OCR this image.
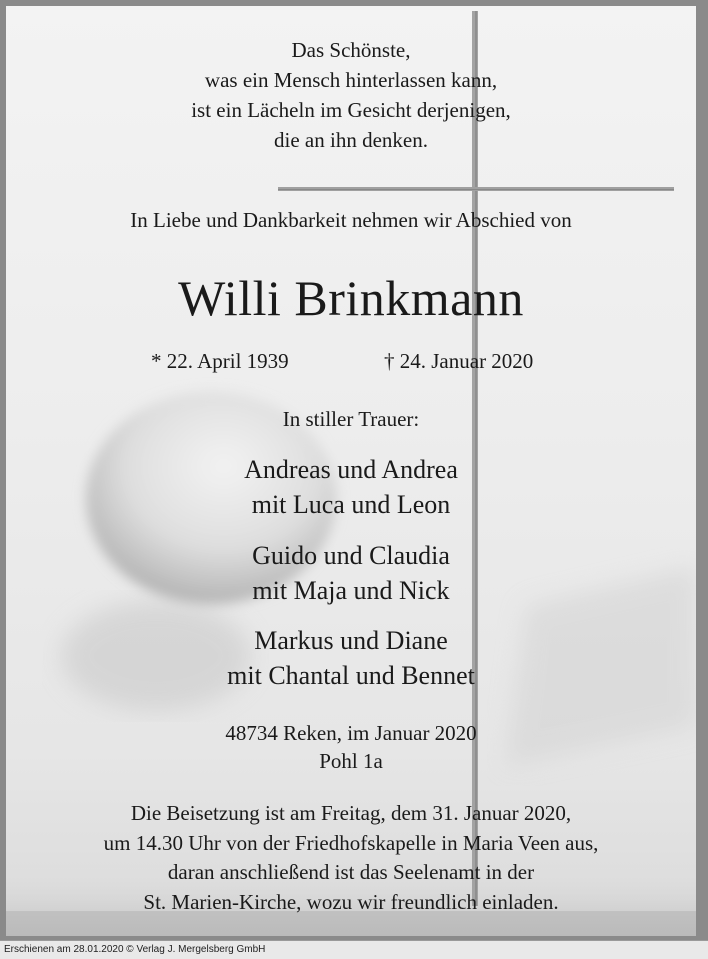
Das Schönste,
was ein Mensch hinterlassen kann,
ist ein Lächeln im Gesicht derjenigen,
die an ihn denken.
In Liebe und Dankbarkeit nehmen wir Abschied von
Willi Brinkmann
* 22. April 1939	† 24. Januar 2020
In stiller Trauer:
Andreas und Andrea
mit Luca und Leon
Guido und Claudia
mit Maja und Nick
Markus und Diane
mit Chantal und Bennet
48734 Reken, im Januar 2020
Pohl 1a
Die Beisetzung ist am Freitag, dem 31. Januar 2020,
um 14.30 Uhr von der Friedhofskapelle in Maria Veen aus,
daran anschließend ist das Seelenamt in der
St. Marien-Kirche, wozu wir freundlich einladen.
Erschienen am 28.01.2020 © Verlag J. Mergelsberg GmbH
